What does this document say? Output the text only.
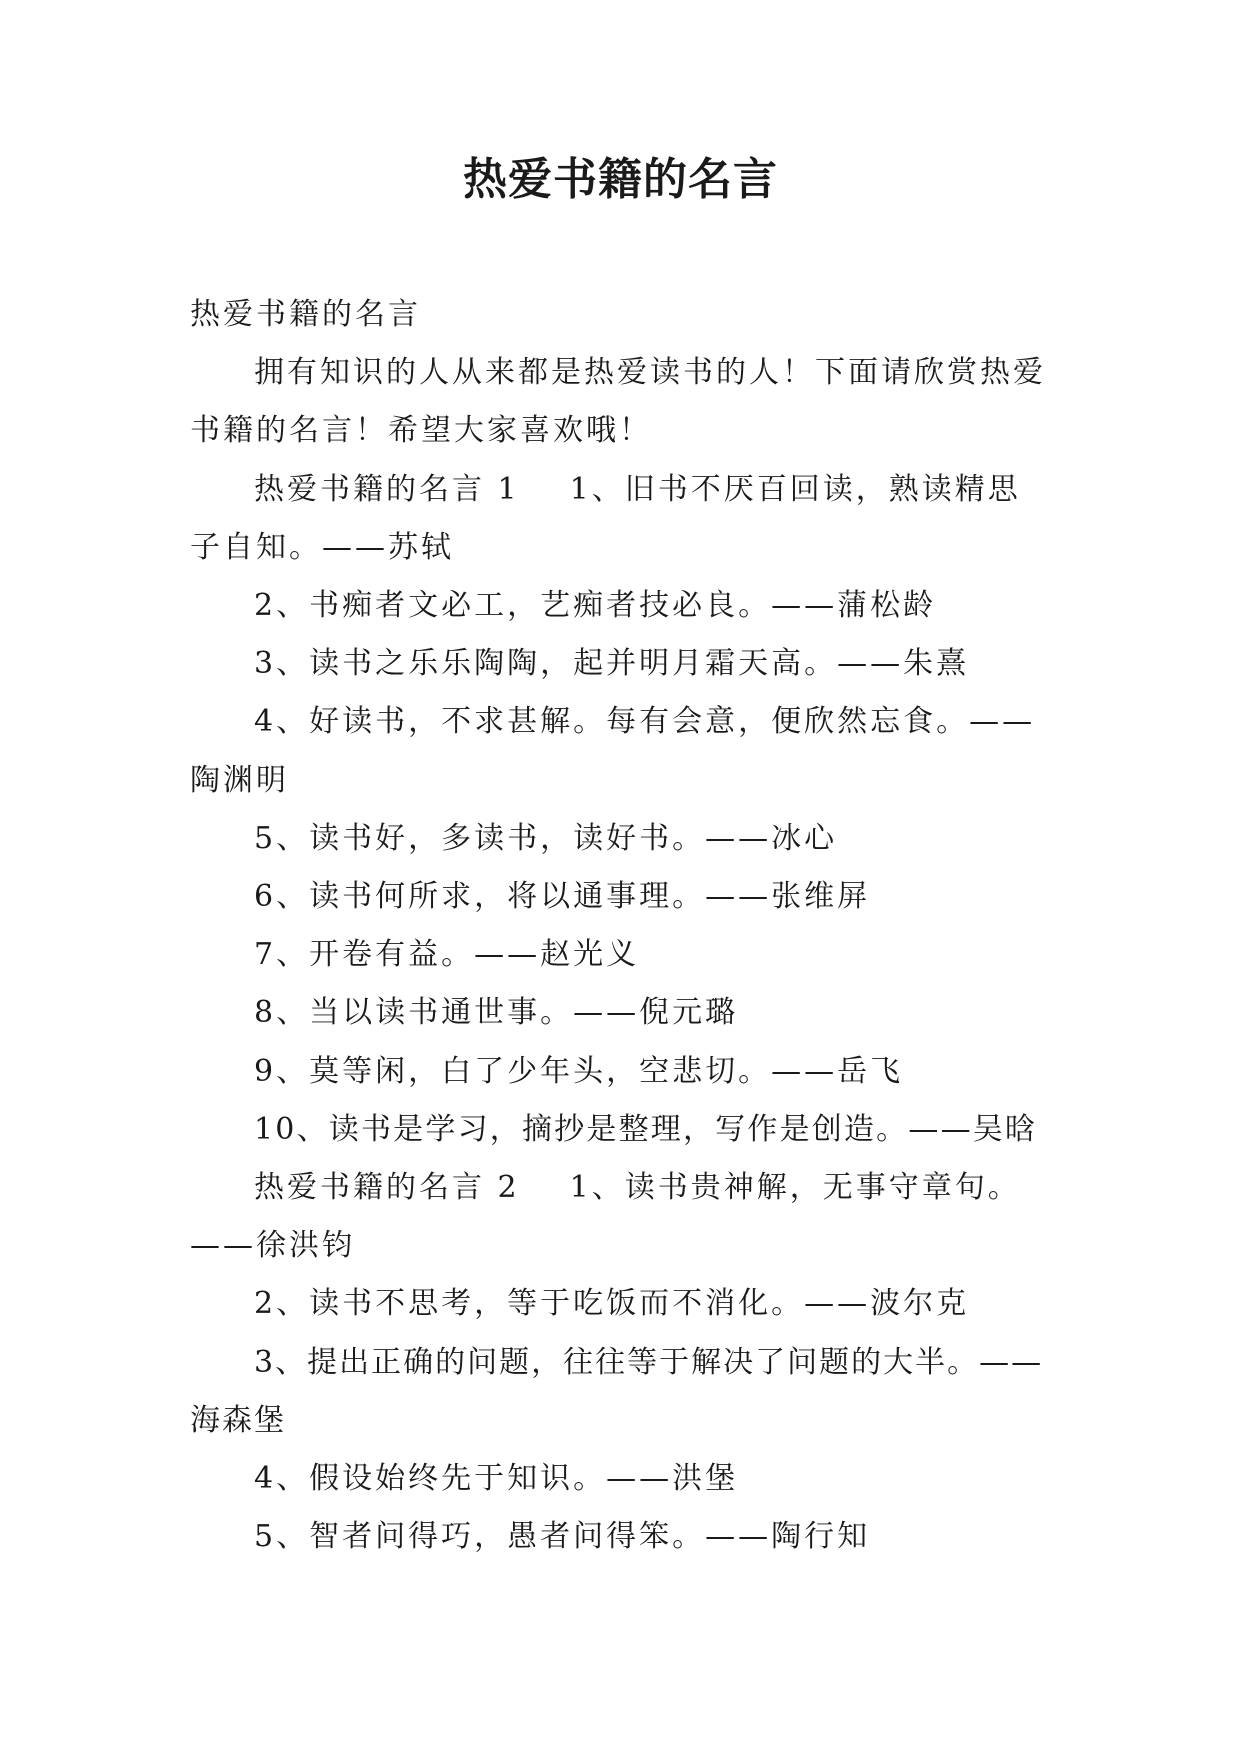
热爱书籍的名言

热爱书籍的名言

拥有知识的人从来都是热爱读书的人！下面请欣赏热爱书籍的名言！希望大家喜欢哦！

热爱书籍的名言 1 1、旧书不厌百回读，熟读精思子自知。——苏轼

2、书痴者文必工，艺痴者技必良。——蒲松龄

3、读书之乐乐陶陶，起并明月霜天高。——朱熹

4、好读书，不求甚解。每有会意，便欣然忘食。——陶渊明

5、读书好，多读书，读好书。——冰心

6、读书何所求，将以通事理。——张维屏

7、开卷有益。——赵光义

8、当以读书通世事。——倪元璐

9、莫等闲，白了少年头，空悲切。——岳飞

10、读书是学习，摘抄是整理，写作是创造。——吴晗

热爱书籍的名言 2 1、读书贵神解，无事守章句。——徐洪钧

2、读书不思考，等于吃饭而不消化。——波尔克

3、提出正确的问题，往往等于解决了问题的大半。——海森堡

4、假设始终先于知识。——洪堡

5、智者问得巧，愚者问得笨。——陶行知
